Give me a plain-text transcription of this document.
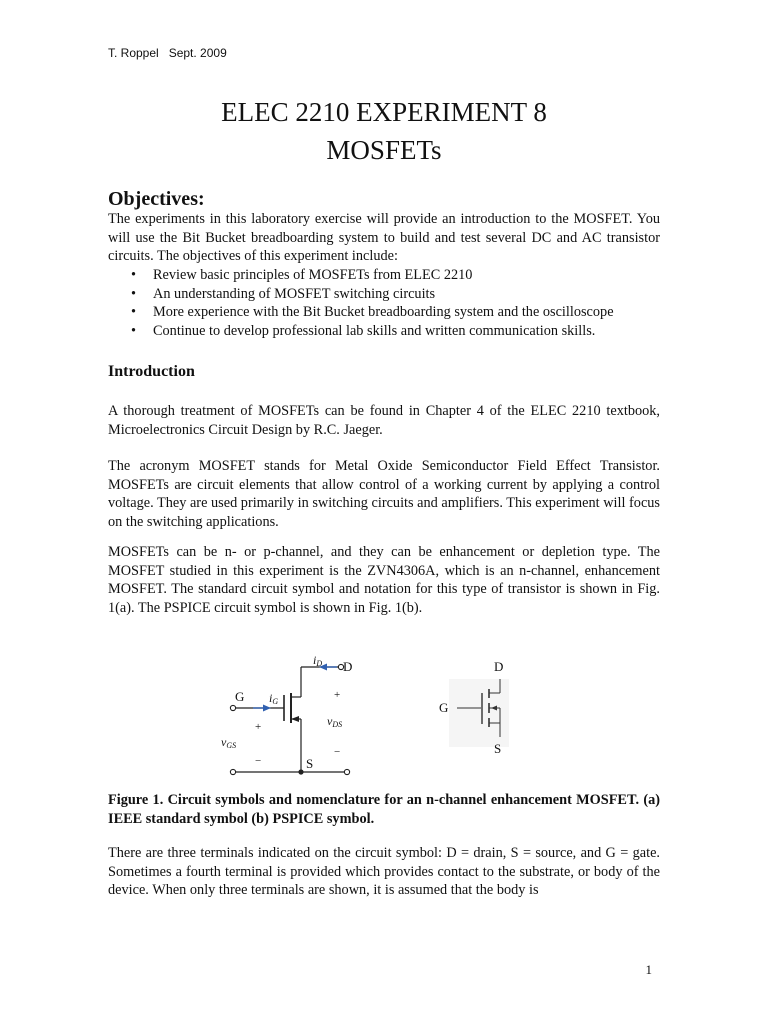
T. Roppel Sept. 2009
ELEC 2210 EXPERIMENT 8
MOSFETs
Objectives:

The experiments in this laboratory exercise will provide an introduction to the MOSFET. You will use the Bit Bucket breadboarding system to build and test several DC and AC transistor circuits. The objectives of this experiment include:

• Review basic principles of MOSFETs from ELEC 2210
• An understanding of MOSFET switching circuits
• More experience with the Bit Bucket breadboarding system and the oscilloscope
• Continue to develop professional lab skills and written communication skills.
Introduction

A thorough treatment of MOSFETs can be found in Chapter 4 of the ELEC 2210 textbook, Microelectronics Circuit Design by R.C. Jaeger.

The acronym MOSFET stands for Metal Oxide Semiconductor Field Effect Transistor. MOSFETs are circuit elements that allow control of a working current by applying a control voltage. They are used primarily in switching circuits and amplifiers. This experiment will focus on the switching applications.

MOSFETs can be n- or p-channel, and they can be enhancement or depletion type. The MOSFET studied in this experiment is the ZVN4306A, which is an n-channel, enhancement MOSFET. The standard circuit symbol and notation for this type of transistor is shown in Fig. 1(a). The PSPICE circuit symbol is shown in Fig. 1(b).

iD D
G iG
+
+	vDS
vGS
−
−	S
D
G
S

Figure 1. Circuit symbols and nomenclature for an n-channel enhancement MOSFET. (a) IEEE standard symbol (b) PSPICE symbol.

There are three terminals indicated on the circuit symbol: D = drain, S = source, and G = gate. Sometimes a fourth terminal is provided which provides contact to the substrate, or body of the device. When only three terminals are shown, it is assumed that the body is

1
